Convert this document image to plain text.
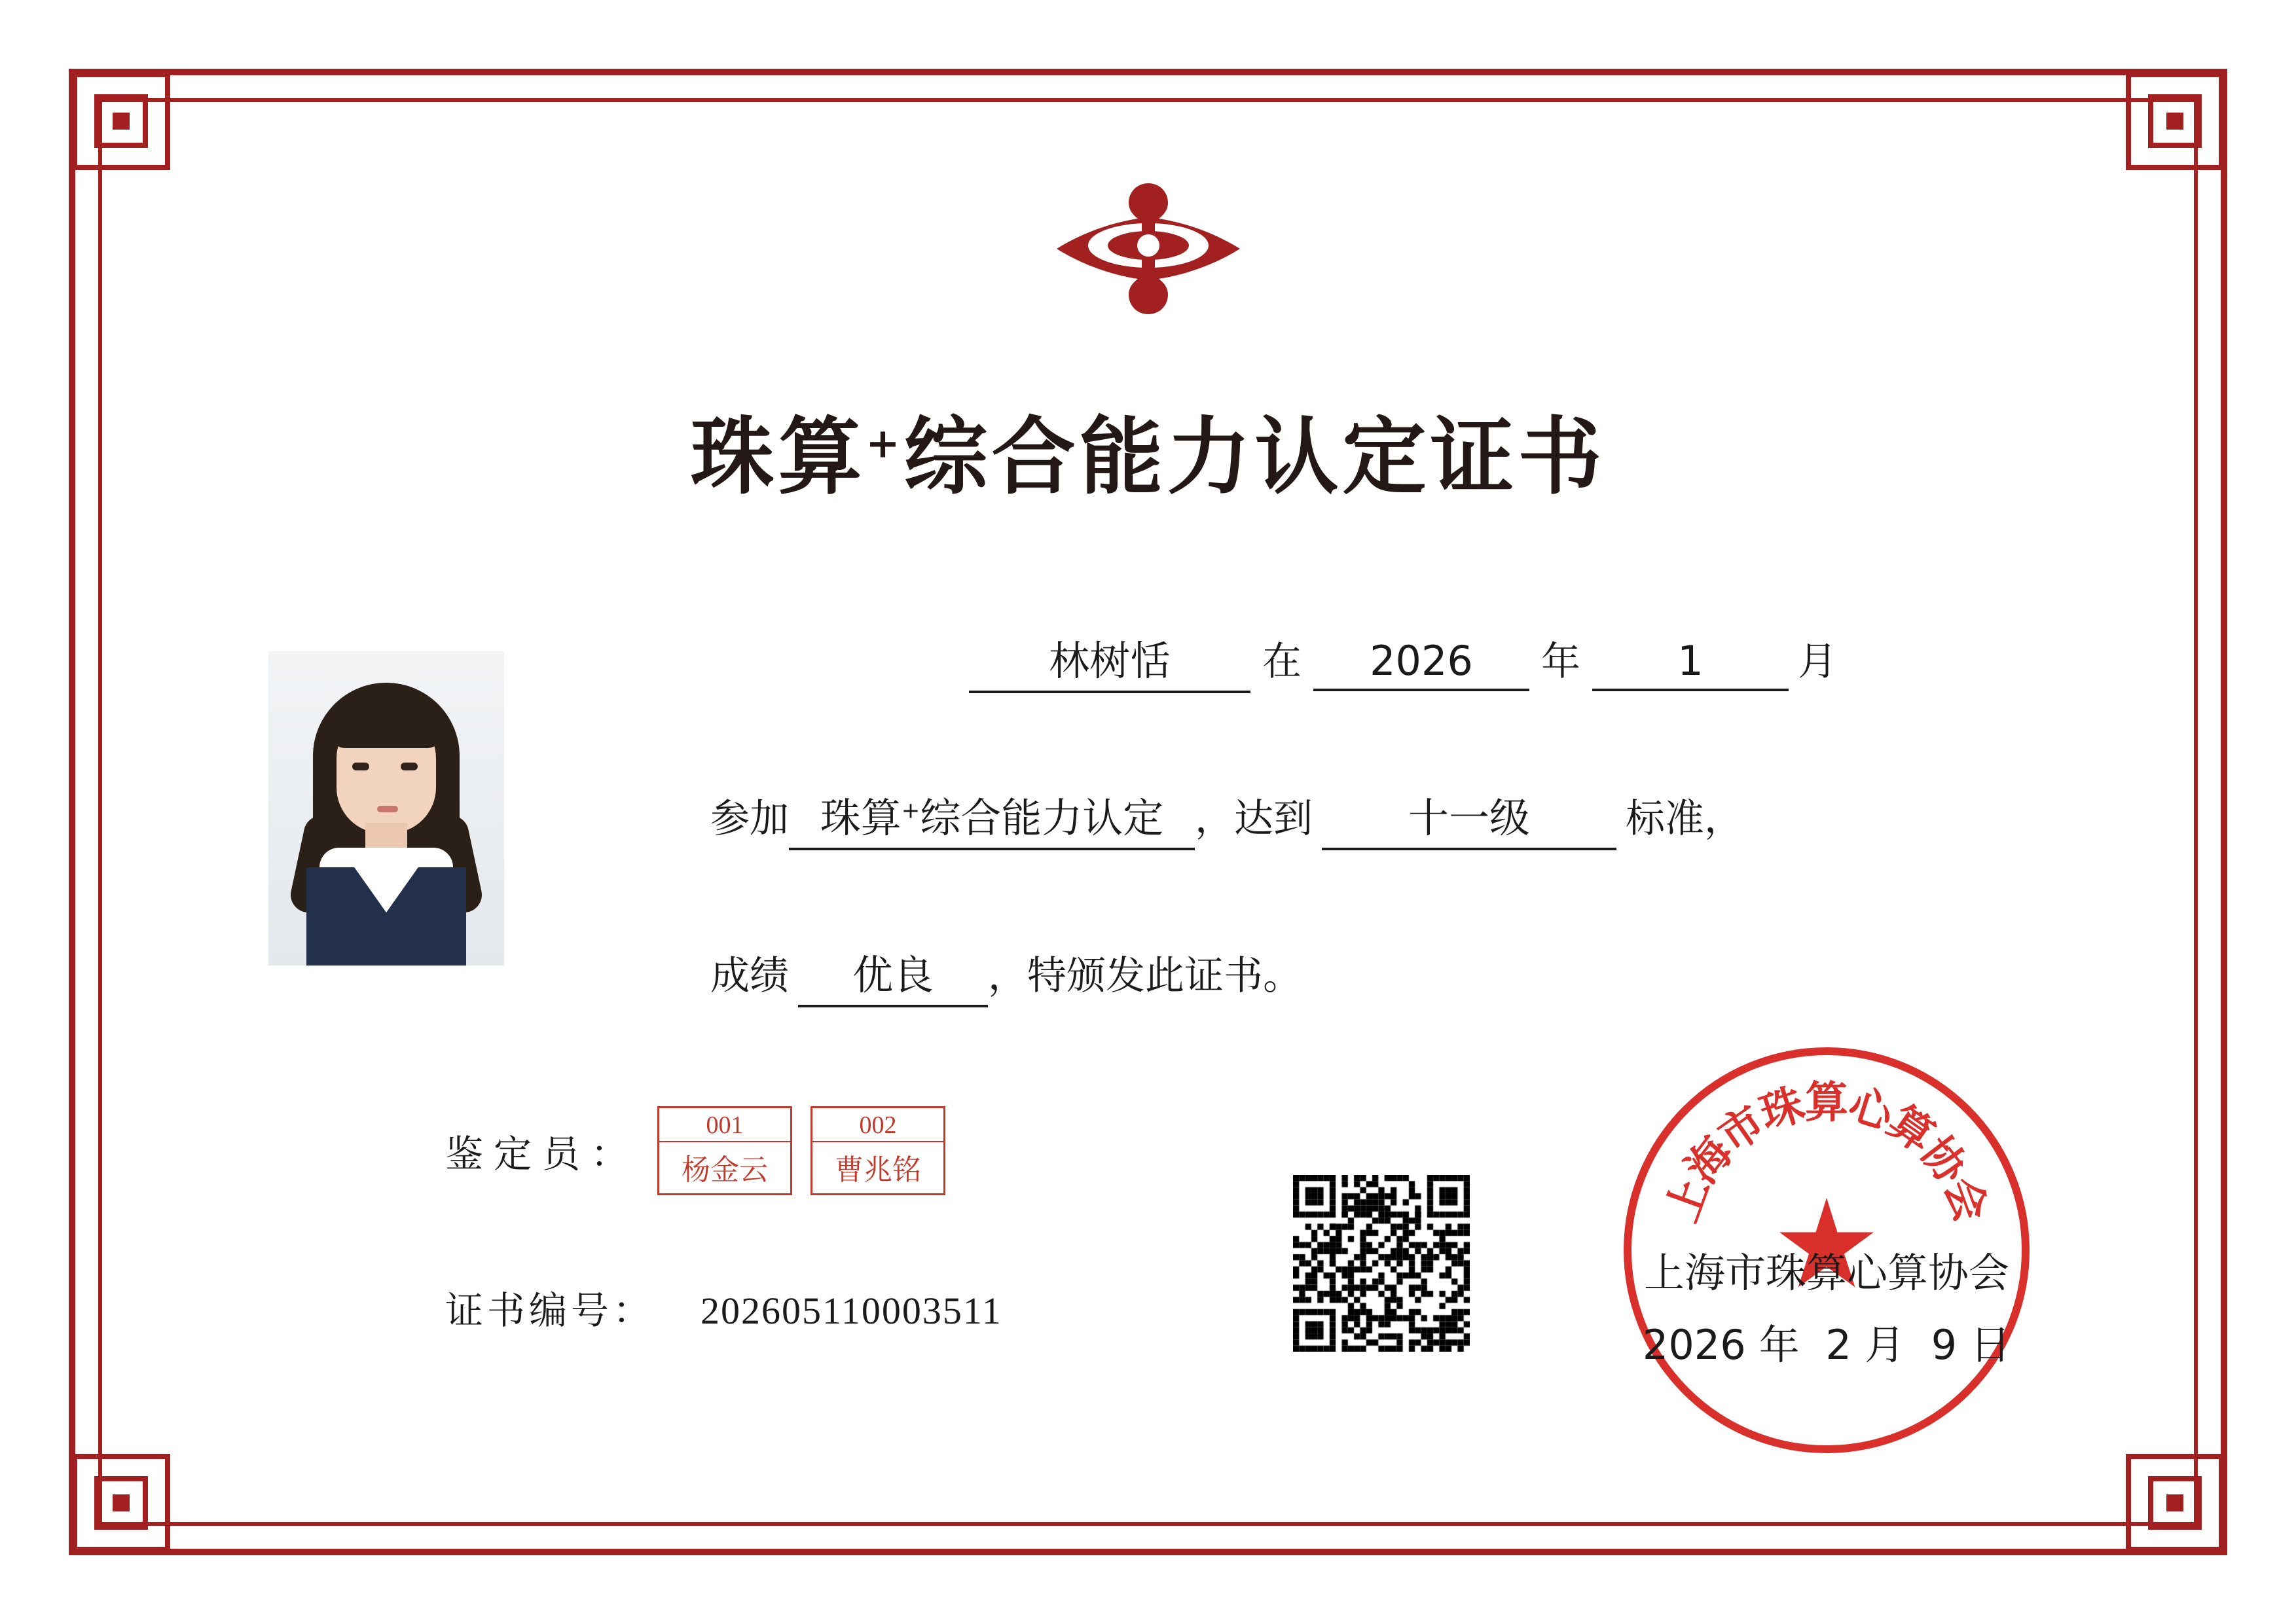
珠算+综合能力认定证书
林树恬	在	2026	年	1	月
参加 珠算+综合能力认定 ， 达到	十一级	标准，
成绩	优良	， 特颁发此证书。
鉴定员：
001
杨金云
002
曹兆铭
证书编号： 202605110003511
上
海
市
珠
算
心
算
协
会
上海市珠算心算协会
2026 年 2 月 9 日
